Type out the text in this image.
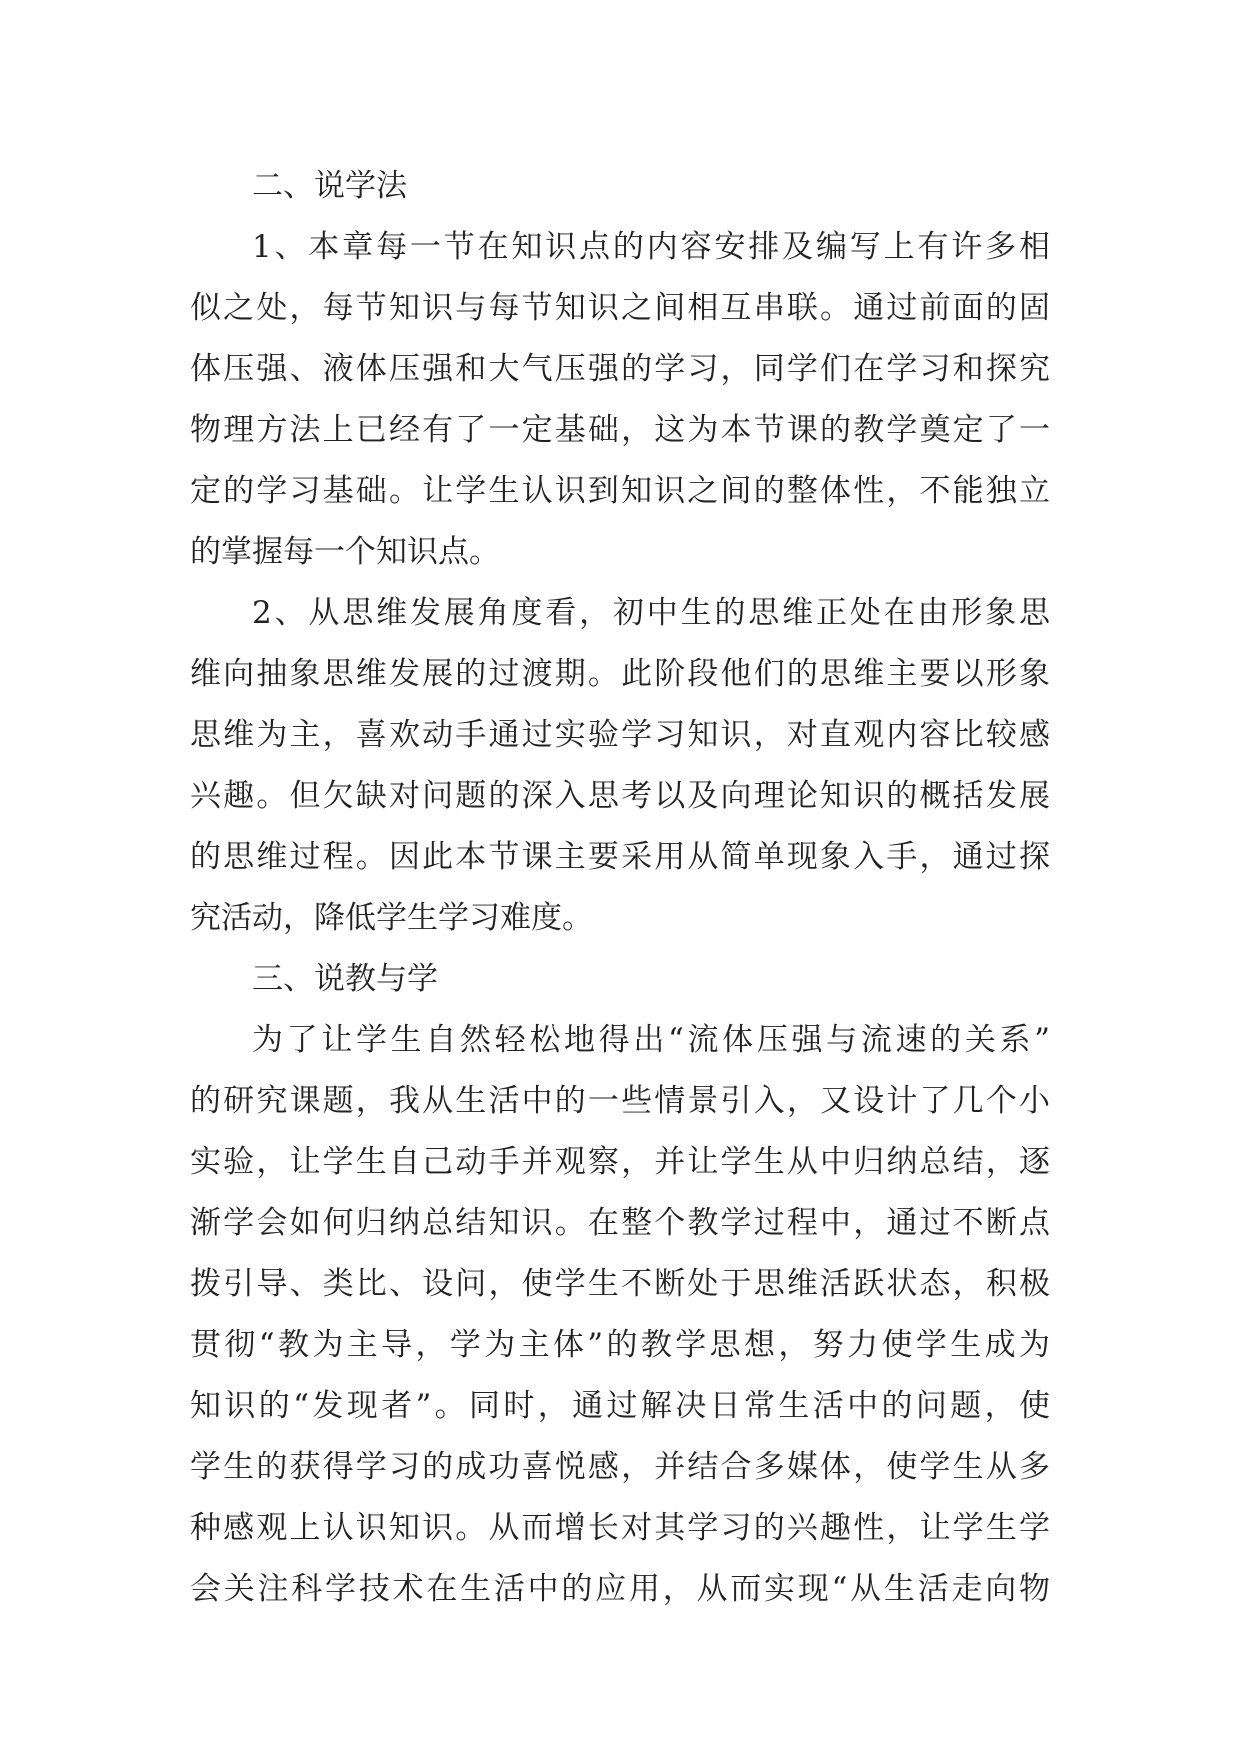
二、说学法
1、本章每一节在知识点的内容安排及编写上有许多相
似之处，每节知识与每节知识之间相互串联。通过前面的固
体压强、液体压强和大气压强的学习，同学们在学习和探究
物理方法上已经有了一定基础，这为本节课的教学奠定了一
定的学习基础。让学生认识到知识之间的整体性，不能独立
的掌握每一个知识点。
2、从思维发展角度看，初中生的思维正处在由形象思
维向抽象思维发展的过渡期。此阶段他们的思维主要以形象
思维为主，喜欢动手通过实验学习知识，对直观内容比较感
兴趣。但欠缺对问题的深入思考以及向理论知识的概括发展
的思维过程。因此本节课主要采用从简单现象入手，通过探
究活动，降低学生学习难度。
三、说教与学
为了让学生自然轻松地得出“流体压强与流速的关系”
的研究课题，我从生活中的一些情景引入，又设计了几个小
实验，让学生自己动手并观察，并让学生从中归纳总结，逐
渐学会如何归纳总结知识。在整个教学过程中，通过不断点
拨引导、类比、设问，使学生不断处于思维活跃状态，积极
贯彻“教为主导，学为主体”的教学思想，努力使学生成为
知识的“发现者”。同时，通过解决日常生活中的问题，使
学生的获得学习的成功喜悦感，并结合多媒体，使学生从多
种感观上认识知识。从而增长对其学习的兴趣性，让学生学
会关注科学技术在生活中的应用，从而实现“从生活走向物
